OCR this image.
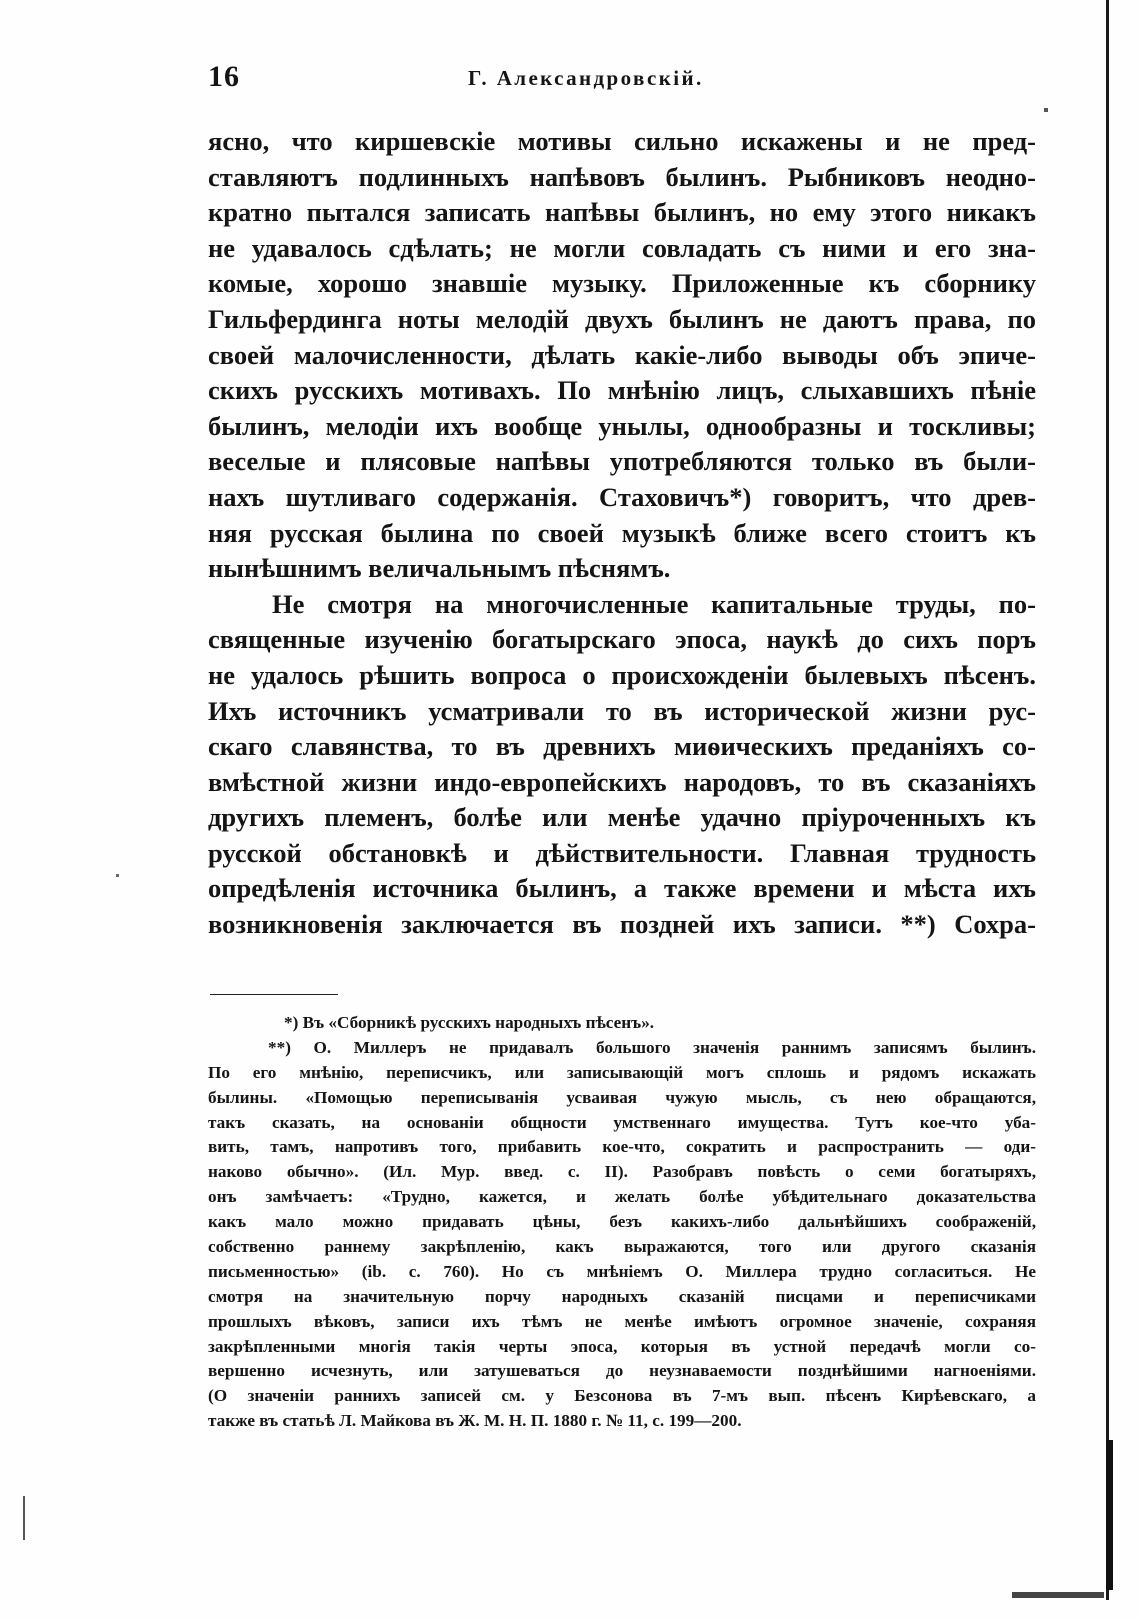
16	Г. Александровскiй.
ясно, что киршевскiе мотивы сильно искажены и не пред-
ставляютъ подлинныхъ напѣвовъ былинъ. Рыбниковъ неодно-
кратно пытался записать напѣвы былинъ, но ему этого никакъ
не удавалось сдѣлать; не могли совладать съ ними и его зна-
комые, хорошо знавшiе музыку. Приложенные къ сборнику
Гильфердинга ноты мелодiй двухъ былинъ не даютъ права, по
своей малочисленности, дѣлать какiе-либо выводы объ эпиче-
скихъ русскихъ мотивахъ. По мнѣнiю лицъ, слыхавшихъ пѣнiе
былинъ, мелодiи ихъ вообще унылы, однообразны и тоскливы;
веселые и плясовые напѣвы употребляются только въ были-
нахъ шутливаго содержанiя. Стаховичъ*) говоритъ, что древ-
няя русская былина по своей музыкѣ ближе всего стоитъ къ
нынѣшнимъ величальнымъ пѣснямъ.
Не смотря на многочисленные капитальные труды, по-
священные изученiю богатырскаго эпоса, наукѣ до сихъ поръ
не удалось рѣшить вопроса о происхожденiи былевыхъ пѣсенъ.
Ихъ источникъ усматривали то въ исторической жизни рус-
скаго славянства, то въ древнихъ миѳическихъ преданiяхъ со-
вмѣстной жизни индо-европейскихъ народовъ, то въ сказанiяхъ
другихъ племенъ, болѣе или менѣе удачно прiуроченныхъ къ
русской обстановкѣ и дѣйствительности. Главная трудность
опредѣленiя источника былинъ, а также времени и мѣста ихъ
возникновенiя заключается въ поздней ихъ записи. **) Сохра-
*) Въ «Сборникѣ русскихъ народныхъ пѣсенъ».
**) О. Миллеръ не придавалъ большого значенiя раннимъ записямъ былинъ.
По его мнѣнiю, переписчикъ, или записывающiй могъ сплошь и рядомъ искажать
былины. «Помощью переписыванiя усваивая чужую мысль, съ нею обращаются,
такъ сказать, на основанiи общности умственнаго имущества. Тутъ кое-что уба-
вить, тамъ, напротивъ того, прибавить кое-что, сократить и распространить — оди-
наково обычно». (Ил. Мур. введ. с. II). Разобравъ повѣсть о семи богатыряхъ,
онъ замѣчаетъ: «Трудно, кажется, и желать болѣе убѣдительнаго доказательства
какъ мало можно придавать цѣны, безъ какихъ-либо дальнѣйшихъ соображенiй,
собственно раннему закрѣпленiю, какъ выражаются, того или другого сказанiя
письменностью» (ib. с. 760). Но съ мнѣнiемъ О. Миллера трудно согласиться. Не
смотря на значительную порчу народныхъ сказанiй писцами и переписчиками
прошлыхъ вѣковъ, записи ихъ тѣмъ не менѣе имѣютъ огромное значенiе, сохраняя
закрѣпленными многiя такiя черты эпоса, которыя въ устной передачѣ могли со-
вершенно исчезнуть, или затушеваться до неузнаваемости позднѣйшими нагноенiями.
(О значенiи раннихъ записей см. у Безсонова въ 7-мъ вып. пѣсенъ Кирѣевскаго, а
также въ статьѣ Л. Майкова въ Ж. М. Н. П. 1880 г. № 11, с. 199—200.
